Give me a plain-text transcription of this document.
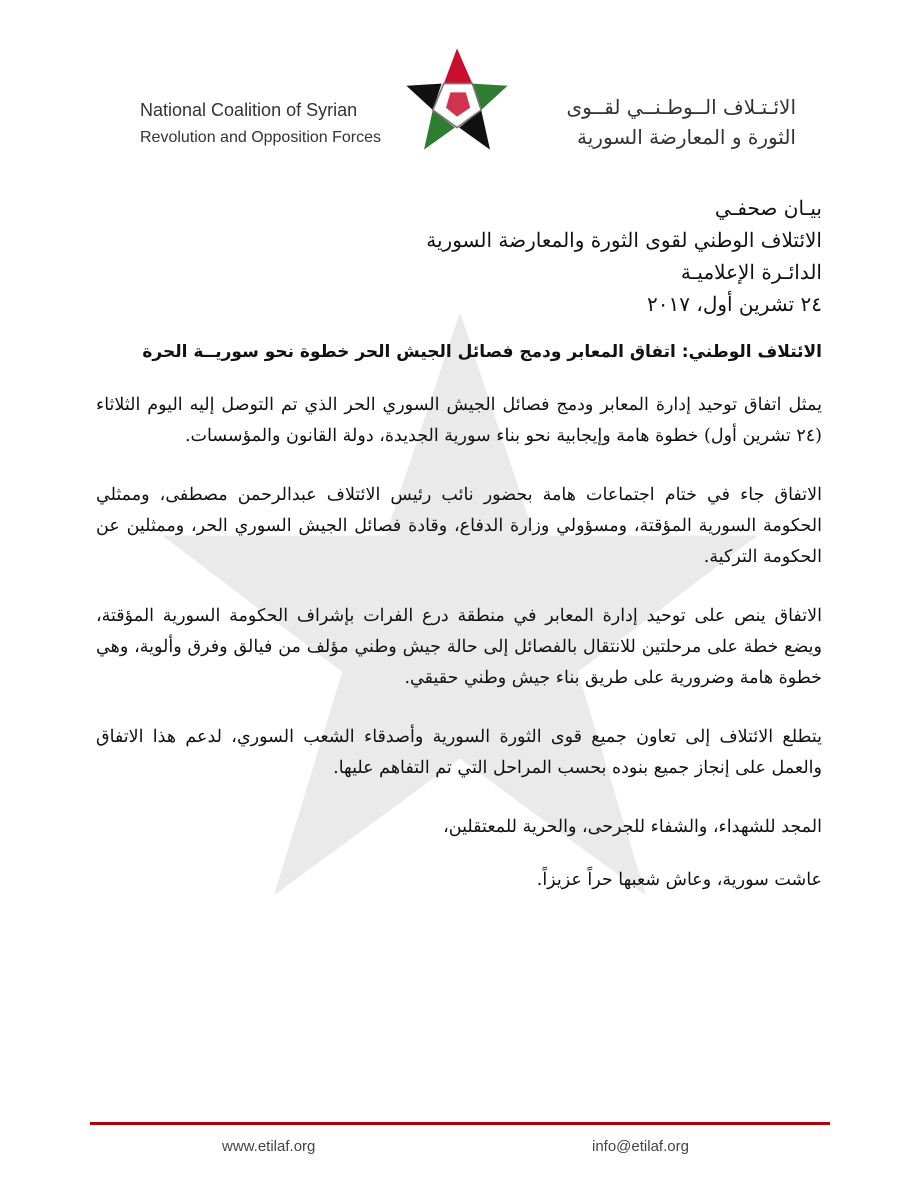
National Coalition of Syrian
Revolution and Opposition Forces
الائـتـلاف الــوطـنــي لقــوى
الثورة و المعارضة السورية
بيـان صحفـي
الائتلاف الوطني لقوى الثورة والمعارضة السورية
الدائـرة الإعلاميـة
٢٤ تشرين أول، ٢٠١٧
الائتلاف الوطني: اتفاق المعابر ودمج فصائل الجيش الحر خطوة نحو سوريــة الحرة

يمثل اتفاق توحيد إدارة المعابر ودمج فصائل الجيش السوري الحر الذي تم التوصل إليه اليوم الثلاثاء (٢٤ تشرين أول) خطوة هامة وإيجابية نحو بناء سورية الجديدة، دولة القانون والمؤسسات.

الاتفاق جاء في ختام اجتماعات هامة بحضور نائب رئيس الائتلاف عبدالرحمن مصطفى، وممثلي الحكومة السورية المؤقتة، ومسؤولي وزارة الدفاع، وقادة فصائل الجيش السوري الحر، وممثلين عن الحكومة التركية.

الاتفاق ينص على توحيد إدارة المعابر في منطقة درع الفرات بإشراف الحكومة السورية المؤقتة، ويضع خطة على مرحلتين للانتقال بالفصائل إلى حالة جيش وطني مؤلف من فيالق وفرق وألوية، وهي خطوة هامة وضرورية على طريق بناء جيش وطني حقيقي.

يتطلع الائتلاف إلى تعاون جميع قوى الثورة السورية وأصدقاء الشعب السوري، لدعم هذا الاتفاق والعمل على إنجاز جميع بنوده بحسب المراحل التي تم التفاهم عليها.

المجد للشهداء، والشفاء للجرحى، والحرية للمعتقلين،

عاشت سورية، وعاش شعبها حراً عزيزاً.

www.etilaf.org	info@etilaf.org
